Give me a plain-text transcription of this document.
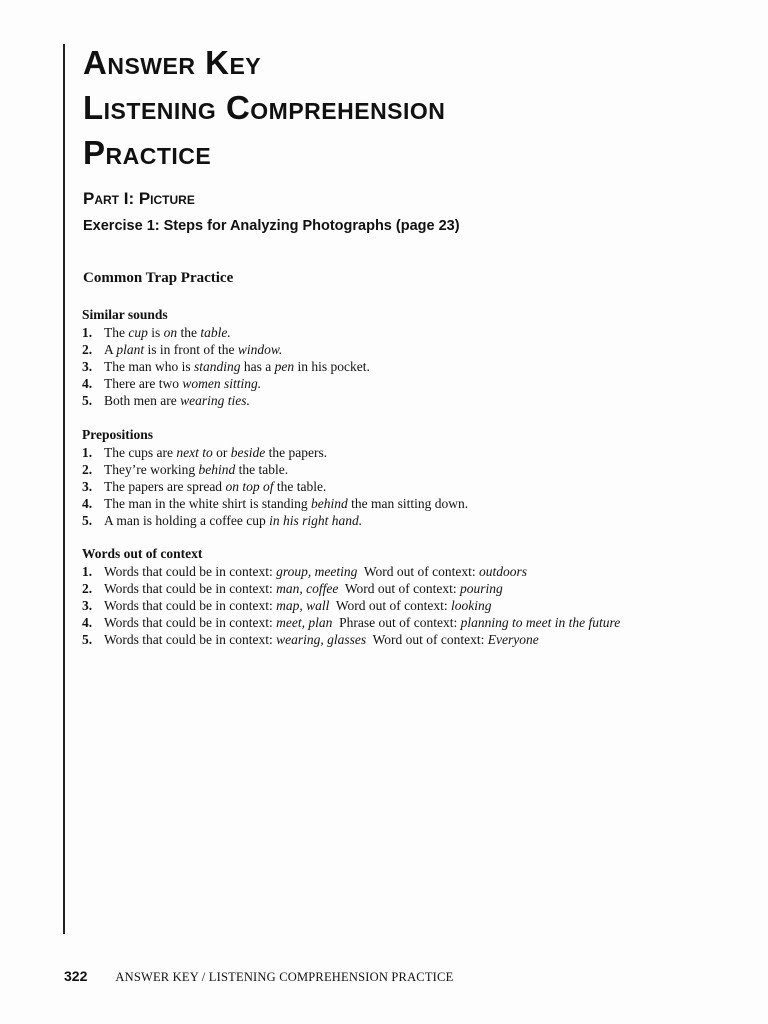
Answer Key
Listening Comprehension
Practice
Part I: Picture
Exercise 1: Steps for Analyzing Photographs (page 23)
Common Trap Practice
Similar sounds
1. The cup is on the table.
2. A plant is in front of the window.
3. The man who is standing has a pen in his pocket.
4. There are two women sitting.
5. Both men are wearing ties.
Prepositions
1. The cups are next to or beside the papers.
2. They’re working behind the table.
3. The papers are spread on top of the table.
4. The man in the white shirt is standing behind the man sitting down.
5. A man is holding a coffee cup in his right hand.
Words out of context
1. Words that could be in context: group, meeting  Word out of context: outdoors
2. Words that could be in context: man, coffee  Word out of context: pouring
3. Words that could be in context: map, wall  Word out of context: looking
4. Words that could be in context: meet, plan  Phrase out of context: planning to meet in the future
5. Words that could be in context: wearing, glasses  Word out of context: Everyone
322 ANSWER KEY / LISTENING COMPREHENSION PRACTICE
